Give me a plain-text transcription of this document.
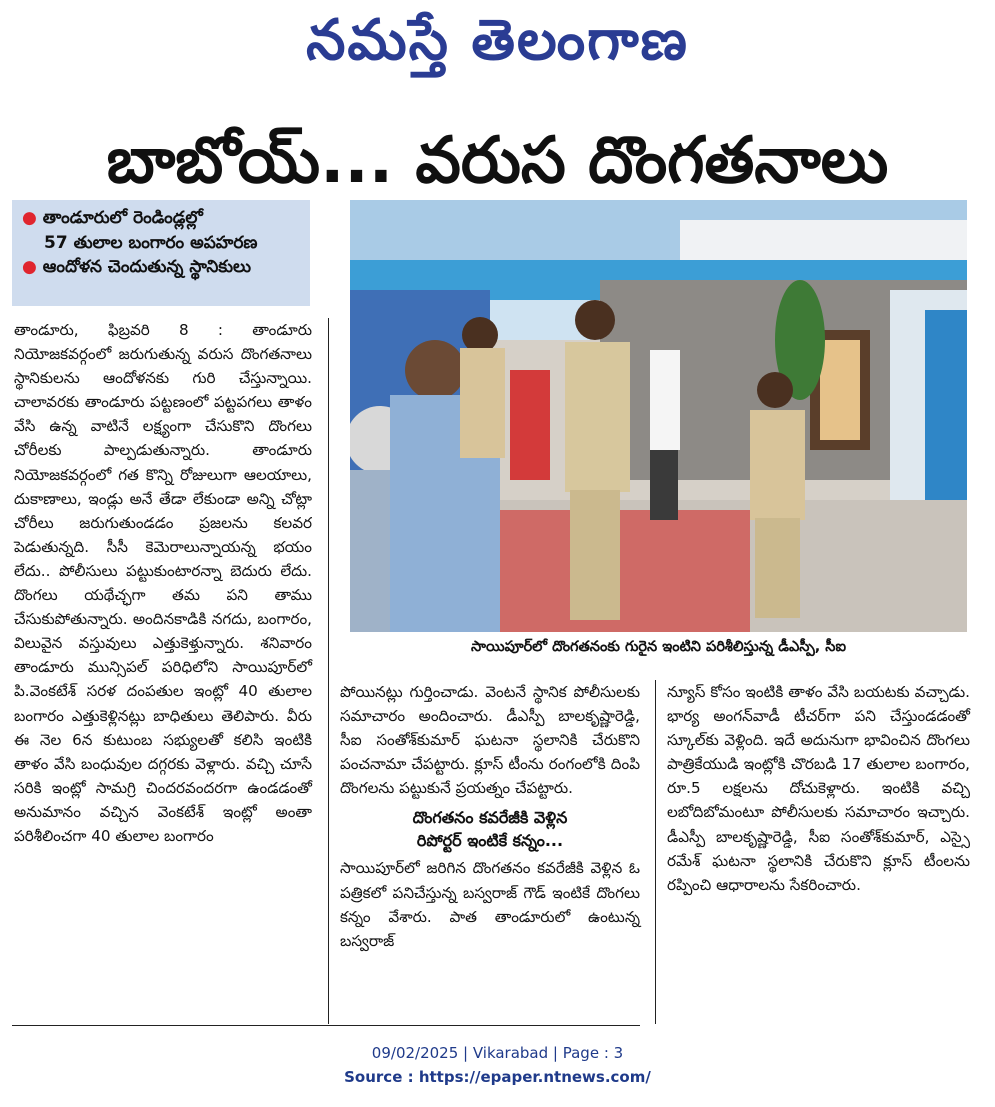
నమస్తే తెలంగాణ
బాబోయ్... వరుస దొంగతనాలు
● తాండూరులో రెండిండ్లల్లో
57 తులాల బంగారం అపహరణ
● ఆందోళన చెందుతున్న స్థానికులు

తాండూరు, ఫిబ్రవరి 8 : తాండూరు నియోజకవర్గంలో జరుగుతున్న వరుస దొంగతనాలు స్థానికులను ఆందోళనకు గురి చేస్తున్నాయి. చాలావరకు తాండూరు పట్టణంలో పట్టపగలు తాళం వేసి ఉన్న వాటినే లక్ష్యంగా చేసుకొని దొంగలు చోరీలకు పాల్పడుతున్నారు. తాండూరు నియోజకవర్గంలో గత కొన్ని రోజులుగా ఆలయాలు, దుకాణాలు, ఇండ్లు అనే తేడా లేకుండా అన్ని చోట్లా చోరీలు జరుగుతుండడం ప్రజలను కలవర పెడుతున్నది. సీసీ కెమెరాలున్నాయన్న భయం లేదు.. పోలీసులు పట్టుకుంటారన్నా బెదురు లేదు. దొంగలు యథేచ్ఛగా తమ పని తాము చేసుకుపోతున్నారు. అందినకాడికి నగదు, బంగారం, విలువైన వస్తువులు ఎత్తుకెళ్తున్నారు. శనివారం తాండూరు మున్సిపల్ పరిధిలోని సాయిపూర్‌లో పి.వెంకటేశ్ సరళ దంపతుల ఇంట్లో 40 తులాల బంగారం ఎత్తుకెళ్లినట్లు బాధితులు తెలిపారు. వీరు ఈ నెల 6న కుటుంబ సభ్యులతో కలిసి ఇంటికి తాళం వేసి బంధువుల దగ్గరకు వెళ్లారు. వచ్చి చూసే సరికి ఇంట్లో సామగ్రి చిందరవందరగా ఉండడంతో అనుమానం వచ్చిన వెంకటేశ్ ఇంట్లో అంతా పరిశీలించగా 40 తులాల బంగారం

సాయిపూర్‌లో దొంగతనంకు గురైన ఇంటిని పరిశీలిస్తున్న డీఎస్పీ, సీఐ

పోయినట్లు గుర్తించాడు. వెంటనే స్థానిక పోలీసులకు సమాచారం అందించారు. డీఎస్పీ బాలకృష్ణారెడ్డి, సీఐ సంతోశ్‌కుమార్ ఘటనా స్థలానికి చేరుకొని పంచనామా చేపట్టారు. క్లూస్ టీంను రంగంలోకి దింపి దొంగలను పట్టుకునే ప్రయత్నం చేపట్టారు.

దొంగతనం కవరేజీకి వెళ్లిన
రిపోర్టర్ ఇంటికే కన్నం...

సాయిపూర్‌లో జరిగిన దొంగతనం కవరేజీకి వెళ్లిన ఓ పత్రికలో పనిచేస్తున్న బస్వరాజ్ గౌడ్ ఇంటికే దొంగలు కన్నం వేశారు. పాత తాండూరులో ఉంటున్న బస్వరాజ్

న్యూస్ కోసం ఇంటికి తాళం వేసి బయటకు వచ్చాడు. భార్య అంగన్‌వాడీ టీచర్‌గా పని చేస్తుండడంతో స్కూల్‌కు వెళ్లింది. ఇదే అదునుగా భావించిన దొంగలు పాత్రికేయుడి ఇంట్లోకి చొరబడి 17 తులాల బంగారం, రూ.5 లక్షలను దోచుకెళ్లారు. ఇంటికి వచ్చి లబోదిబోమంటూ పోలీసులకు సమాచారం ఇచ్చారు. డీఎస్పీ బాలకృష్ణారెడ్డి, సీఐ సంతోశ్‌కుమార్, ఎస్సై రమేశ్ ఘటనా స్థలానికి చేరుకొని క్లూస్ టీంలను రప్పించి ఆధారాలను సేకరించారు.

09/02/2025 | Vikarabad | Page : 3
Source : https://epaper.ntnews.com/
